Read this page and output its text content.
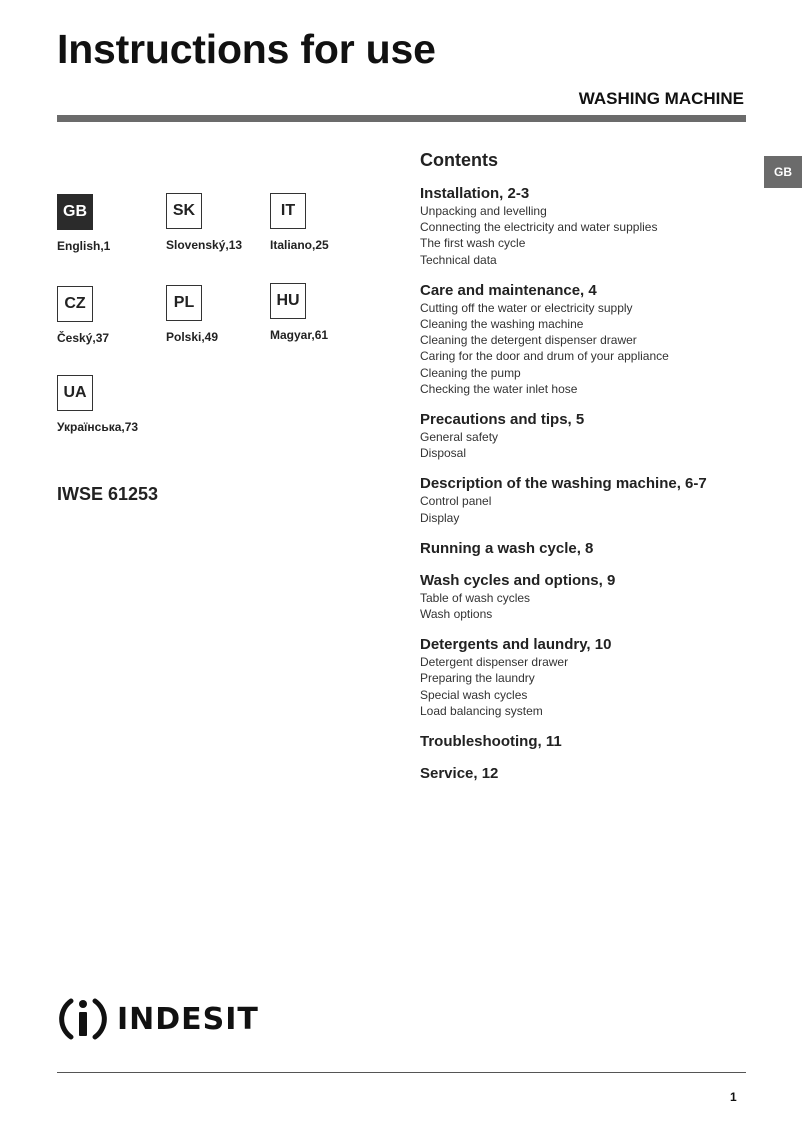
Instructions for use
WASHING MACHINE
GB
GB
English,1
SK
Slovenský,13
IT
Italiano,25
CZ
Český,37
PL
Polski,49
HU
Magyar,61
UA
Українська,73
IWSE 61253
Contents
Installation, 2-3
Unpacking and levelling
Connecting the electricity and water supplies
The first wash cycle
Technical data
Care and maintenance, 4
Cutting off the water or electricity supply
Cleaning the washing machine
Cleaning the detergent dispenser drawer
Caring for the door and drum of your appliance
Cleaning the pump
Checking the water inlet hose
Precautions and tips, 5
General safety
Disposal
Description of the washing machine, 6-7
Control panel
Display
Running a wash cycle, 8
Wash cycles and options, 9
Table of wash cycles
Wash options
Detergents and laundry, 10
Detergent dispenser drawer
Preparing the laundry
Special wash cycles
Load balancing system
Troubleshooting, 11
Service, 12
INDESIT
1
